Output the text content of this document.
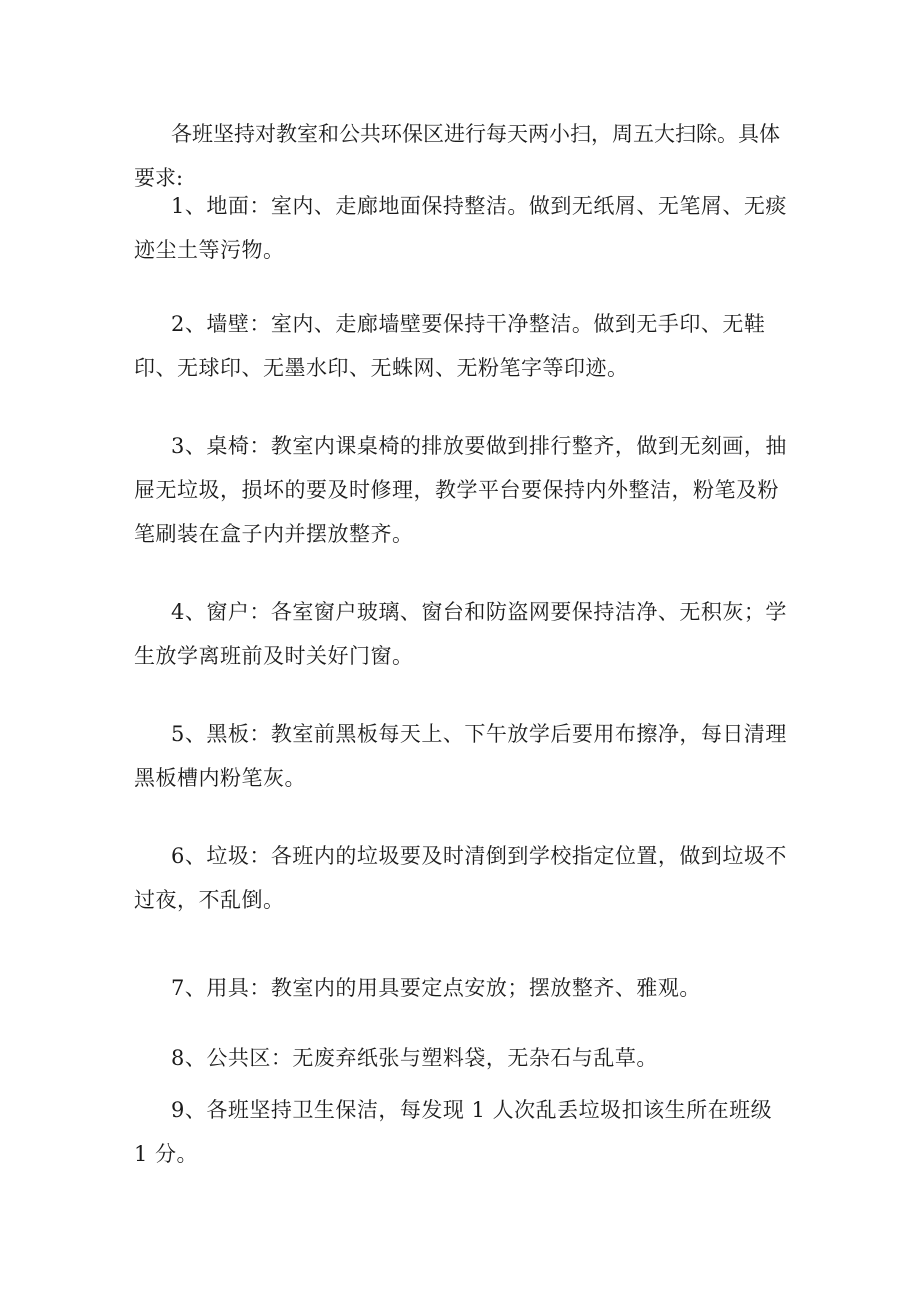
各班坚持对教室和公共环保区进行每天两小扫，周五大扫除。具体要求:

1、地面：室内、走廊地面保持整洁。做到无纸屑、无笔屑、无痰迹尘土等污物。

2、墙壁：室内、走廊墙壁要保持干净整洁。做到无手印、无鞋印、无球印、无墨水印、无蛛网、无粉笔字等印迹。

3、桌椅：教室内课桌椅的排放要做到排行整齐，做到无刻画，抽屉无垃圾，损坏的要及时修理，教学平台要保持内外整洁，粉笔及粉笔刷装在盒子内并摆放整齐。

4、窗户：各室窗户玻璃、窗台和防盗网要保持洁净、无积灰；学生放学离班前及时关好门窗。

5、黑板：教室前黑板每天上、下午放学后要用布擦净，每日清理黑板槽内粉笔灰。

6、垃圾：各班内的垃圾要及时清倒到学校指定位置，做到垃圾不过夜，不乱倒。

7、用具：教室内的用具要定点安放；摆放整齐、雅观。

8、公共区：无废弃纸张与塑料袋，无杂石与乱草。

9、各班坚持卫生保洁，每发现 1 人次乱丢垃圾扣该生所在班级 1 分。
